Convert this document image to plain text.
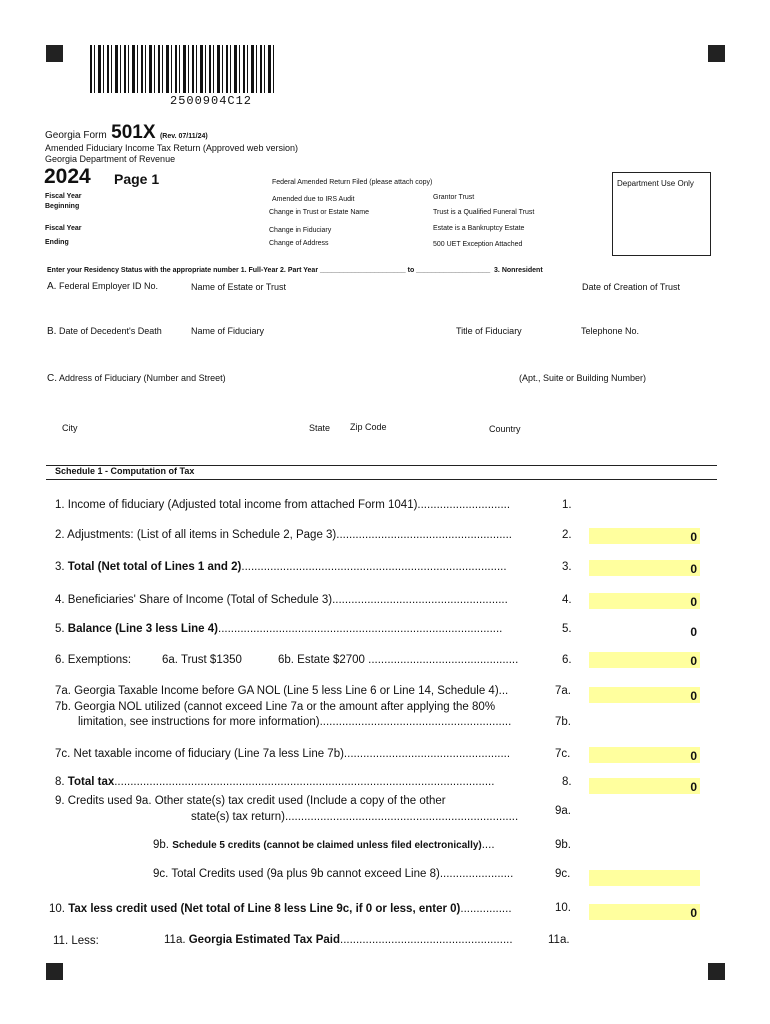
2500904C12
Georgia Form 501X (Rev. 07/11/24)
Amended Fiduciary Income Tax Return (Approved web version)
Georgia Department of Revenue
2024 Page 1
Fiscal Year
Beginning
Fiscal Year
Ending
Federal Amended Return Filed (please attach copy)
Amended due to IRS Audit
Change in Trust or Estate Name
Change in Fiduciary
Change of Address
Grantor Trust
Trust is a Qualified Funeral Trust
Estate is a Bankruptcy Estate
500 UET Exception Attached
Department Use Only
Enter your Residency Status with the appropriate number 1. Full-Year 2. Part Year ______________________ to ___________________ 3. Nonresident
A. Federal Employer ID No.	Name of Estate or Trust	Date of Creation of Trust
B. Date of Decedent's Death	Name of Fiduciary	Title of Fiduciary	Telephone No.
C. Address of Fiduciary (Number and Street)	(Apt., Suite or Building Number)
City	State Zip Code	Country
Schedule 1 - Computation of Tax
1. Income of fiduciary (Adjusted total income from attached Form 1041).............................	1.
2. Adjustments: (List of all items in Schedule 2, Page 3).......................................................	2.	0
3. Total (Net total of Lines 1 and 2)...................................................................................	3.	0
4. Beneficiaries' Share of Income (Total of Schedule 3).......................................................	4.	0
5. Balance (Line 3 less Line 4).........................................................................................	5.	0
6. Exemptions:	6a. Trust $1350	6b. Estate $2700 ...............................................	6.	0
7a. Georgia Taxable Income before GA NOL (Line 5 less Line 6 or Line 14, Schedule 4)...	7a.	0
7b. Georgia NOL utilized (cannot exceed Line 7a or the amount after applying the 80%
limitation, see instructions for more information)............................................................	7b.
7c. Net taxable income of fiduciary (Line 7a less Line 7b)....................................................	7c.	0
8. Total tax.......................................................................................................................	8.	0
9. Credits used 9a. Other state(s) tax credit used (Include a copy of the other
state(s) tax return).........................................................................	9a.
9b. Schedule 5 credits (cannot be claimed unless filed electronically)....	9b.
9c. Total Credits used (9a plus 9b cannot exceed Line 8).......................	9c.
10. Tax less credit used (Net total of Line 8 less Line 9c, if 0 or less, enter 0)................	10.	0
11. Less:	11a. Georgia Estimated Tax Paid......................................................	11a.
